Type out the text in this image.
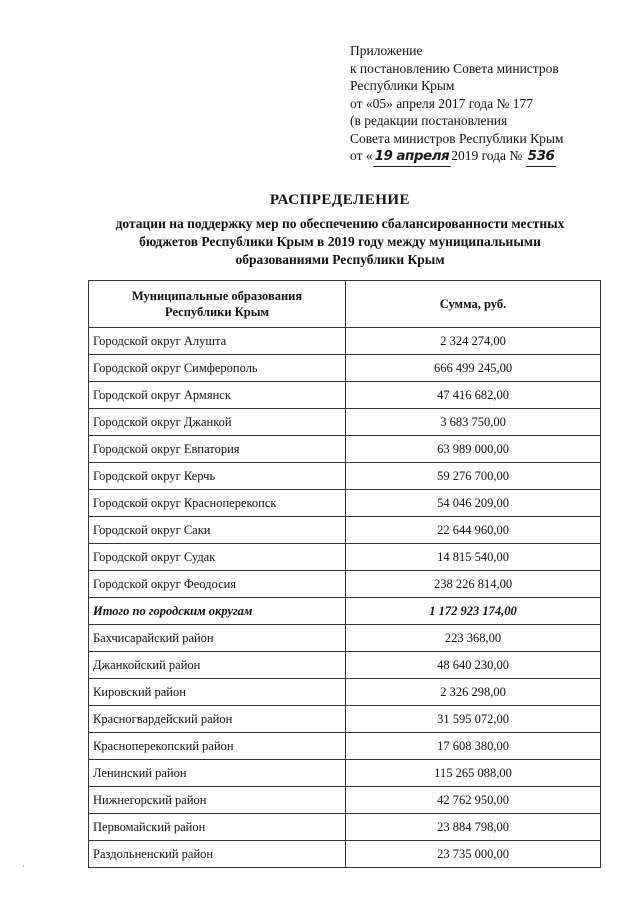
Приложение
к постановлению Совета министров
Республики Крым
от «05» апреля 2017 года № 177
(в редакции постановления
Совета министров Республики Крым
от « 19 апреля 2019 года № 536
РАСПРЕДЕЛЕНИЕ
дотации на поддержку мер по обеспечению сбалансированности местных
бюджетов Республики Крым в 2019 году между муниципальными
образованиями Республики Крым
Муниципальные образования
Республики Крым	Сумма, руб.
Городской округ Алушта	2 324 274,00
Городской округ Симферополь	666 499 245,00
Городской округ Армянск	47 416 682,00
Городской округ Джанкой	3 683 750,00
Городской округ Евпатория	63 989 000,00
Городской округ Керчь	59 276 700,00
Городской округ Красноперекопск	54 046 209,00
Городской округ Саки	22 644 960,00
Городской округ Судак	14 815 540,00
Городской округ Феодосия	238 226 814,00
Итого по городским округам	1 172 923 174,00
Бахчисарайский район	223 368,00
Джанкойский район	48 640 230,00
Кировский район	2 326 298,00
Красногвардейский район	31 595 072,00
Красноперекопский район	17 608 380,00
Ленинский район	115 265 088,00
Нижнегорский район	42 762 950,00
Первомайский район	23 884 798,00
Раздольненский район	23 735 000,00
·
